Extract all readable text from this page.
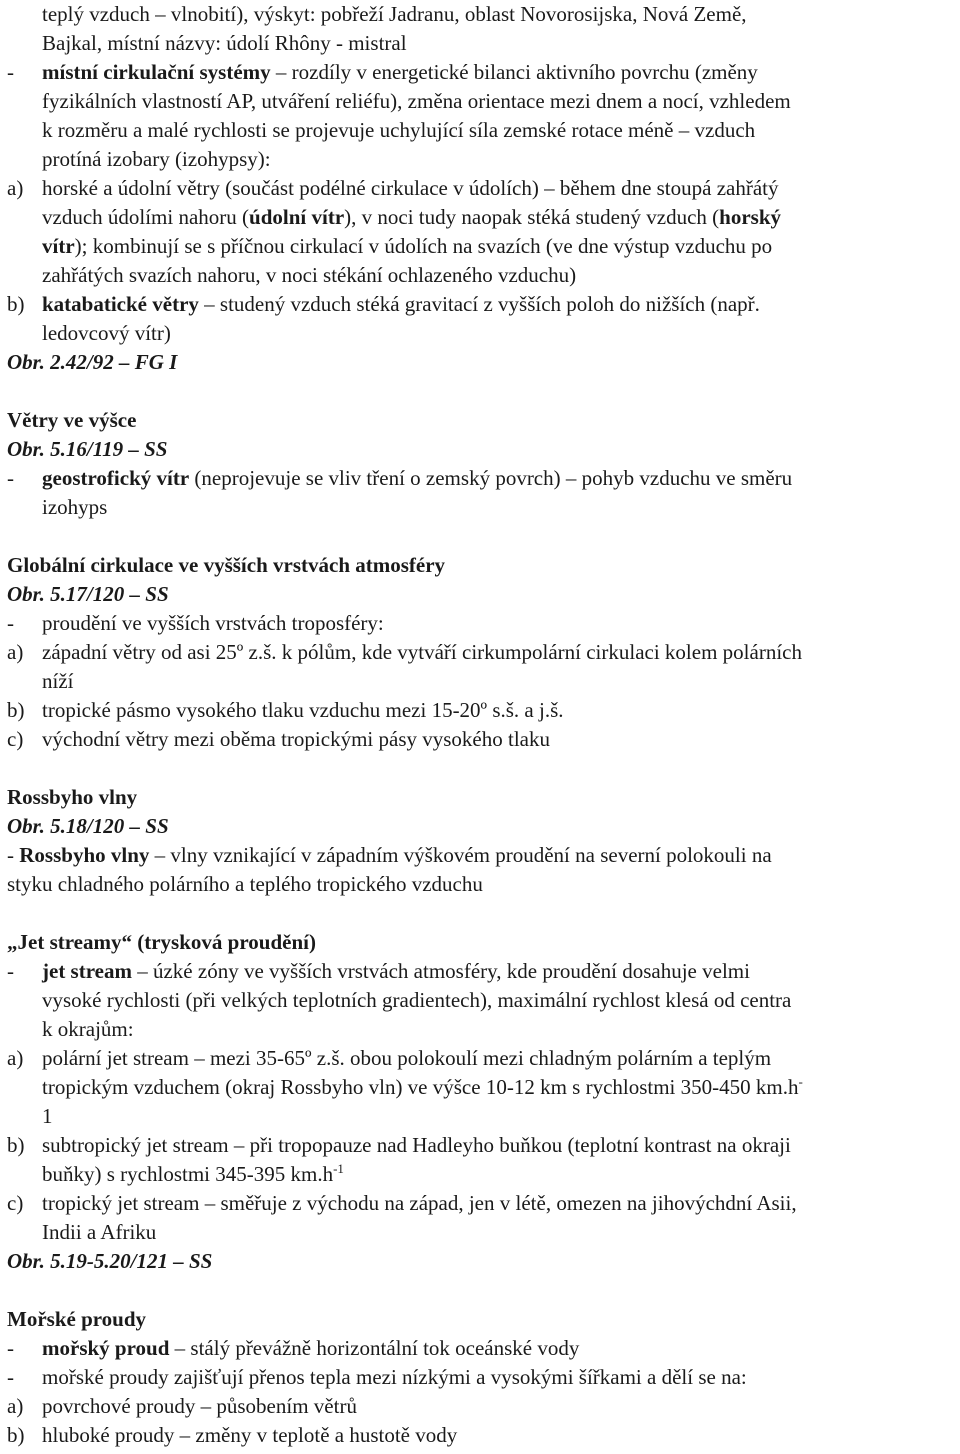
teplý vzduch – vlnobití), výskyt: pobřeží Jadranu, oblast Novorosijska, Nová Země,
Bajkal, místní názvy: údolí Rhôny - mistral
- místní cirkulační systémy – rozdíly v energetické bilanci aktivního povrchu (změny
fyzikálních vlastností AP, utváření reliéfu), změna orientace mezi dnem a nocí, vzhledem
k rozměru a malé rychlosti se projevuje uchylující síla zemské rotace méně – vzduch
protíná izobary (izohypsy):
a) horské a údolní větry (součást podélné cirkulace v údolích) – během dne stoupá zahřátý
vzduch údolími nahoru (údolní vítr), v noci tudy naopak stéká studený vzduch (horský
vítr); kombinují se s příčnou cirkulací v údolích na svazích (ve dne výstup vzduchu po
zahřátých svazích nahoru, v noci stékání ochlazeného vzduchu)
b) katabatické větry – studený vzduch stéká gravitací z vyšších poloh do nižších (např.
ledovcový vítr)
Obr. 2.42/92 – FG I
Větry ve výšce
Obr. 5.16/119 – SS
- geostrofický vítr (neprojevuje se vliv tření o zemský povrch) – pohyb vzduchu ve směru
izohyps
Globální cirkulace ve vyšších vrstvách atmosféry
Obr. 5.17/120 – SS
- proudění ve vyšších vrstvách troposféry:
a) západní větry od asi 25º z.š. k pólům, kde vytváří cirkumpolární cirkulaci kolem polárních
níží
b) tropické pásmo vysokého tlaku vzduchu mezi 15-20º s.š. a j.š.
c) východní větry mezi oběma tropickými pásy vysokého tlaku
Rossbyho vlny
Obr. 5.18/120 – SS
- Rossbyho vlny – vlny vznikající v západním výškovém proudění na severní polokouli na
styku chladného polárního a teplého tropického vzduchu
„Jet streamy“ (trysková proudění)
- jet stream – úzké zóny ve vyšších vrstvách atmosféry, kde proudění dosahuje velmi
vysoké rychlosti (při velkých teplotních gradientech), maximální rychlost klesá od centra
k okrajům:
a) polární jet stream – mezi 35-65º z.š. obou polokoulí mezi chladným polárním a teplým
tropickým vzduchem (okraj Rossbyho vln) ve výšce 10-12 km s rychlostmi 350-450 km.h-
1
b) subtropický jet stream – při tropopauze nad Hadleyho buňkou (teplotní kontrast na okraji
buňky) s rychlostmi 345-395 $km.h^{-1}$
c) tropický jet stream – směřuje z východu na západ, jen v létě, omezen na jihovýchdní Asii,
Indii a Afriku
Obr. 5.19-5.20/121 – SS
Mořské proudy
- mořský proud – stálý převážně horizontální tok oceánské vody
- mořské proudy zajišťují přenos tepla mezi nízkými a vysokými šířkami a dělí se na:
a) povrchové proudy – působením větrů
b) hluboké proudy – změny v teplotě a hustotě vody
